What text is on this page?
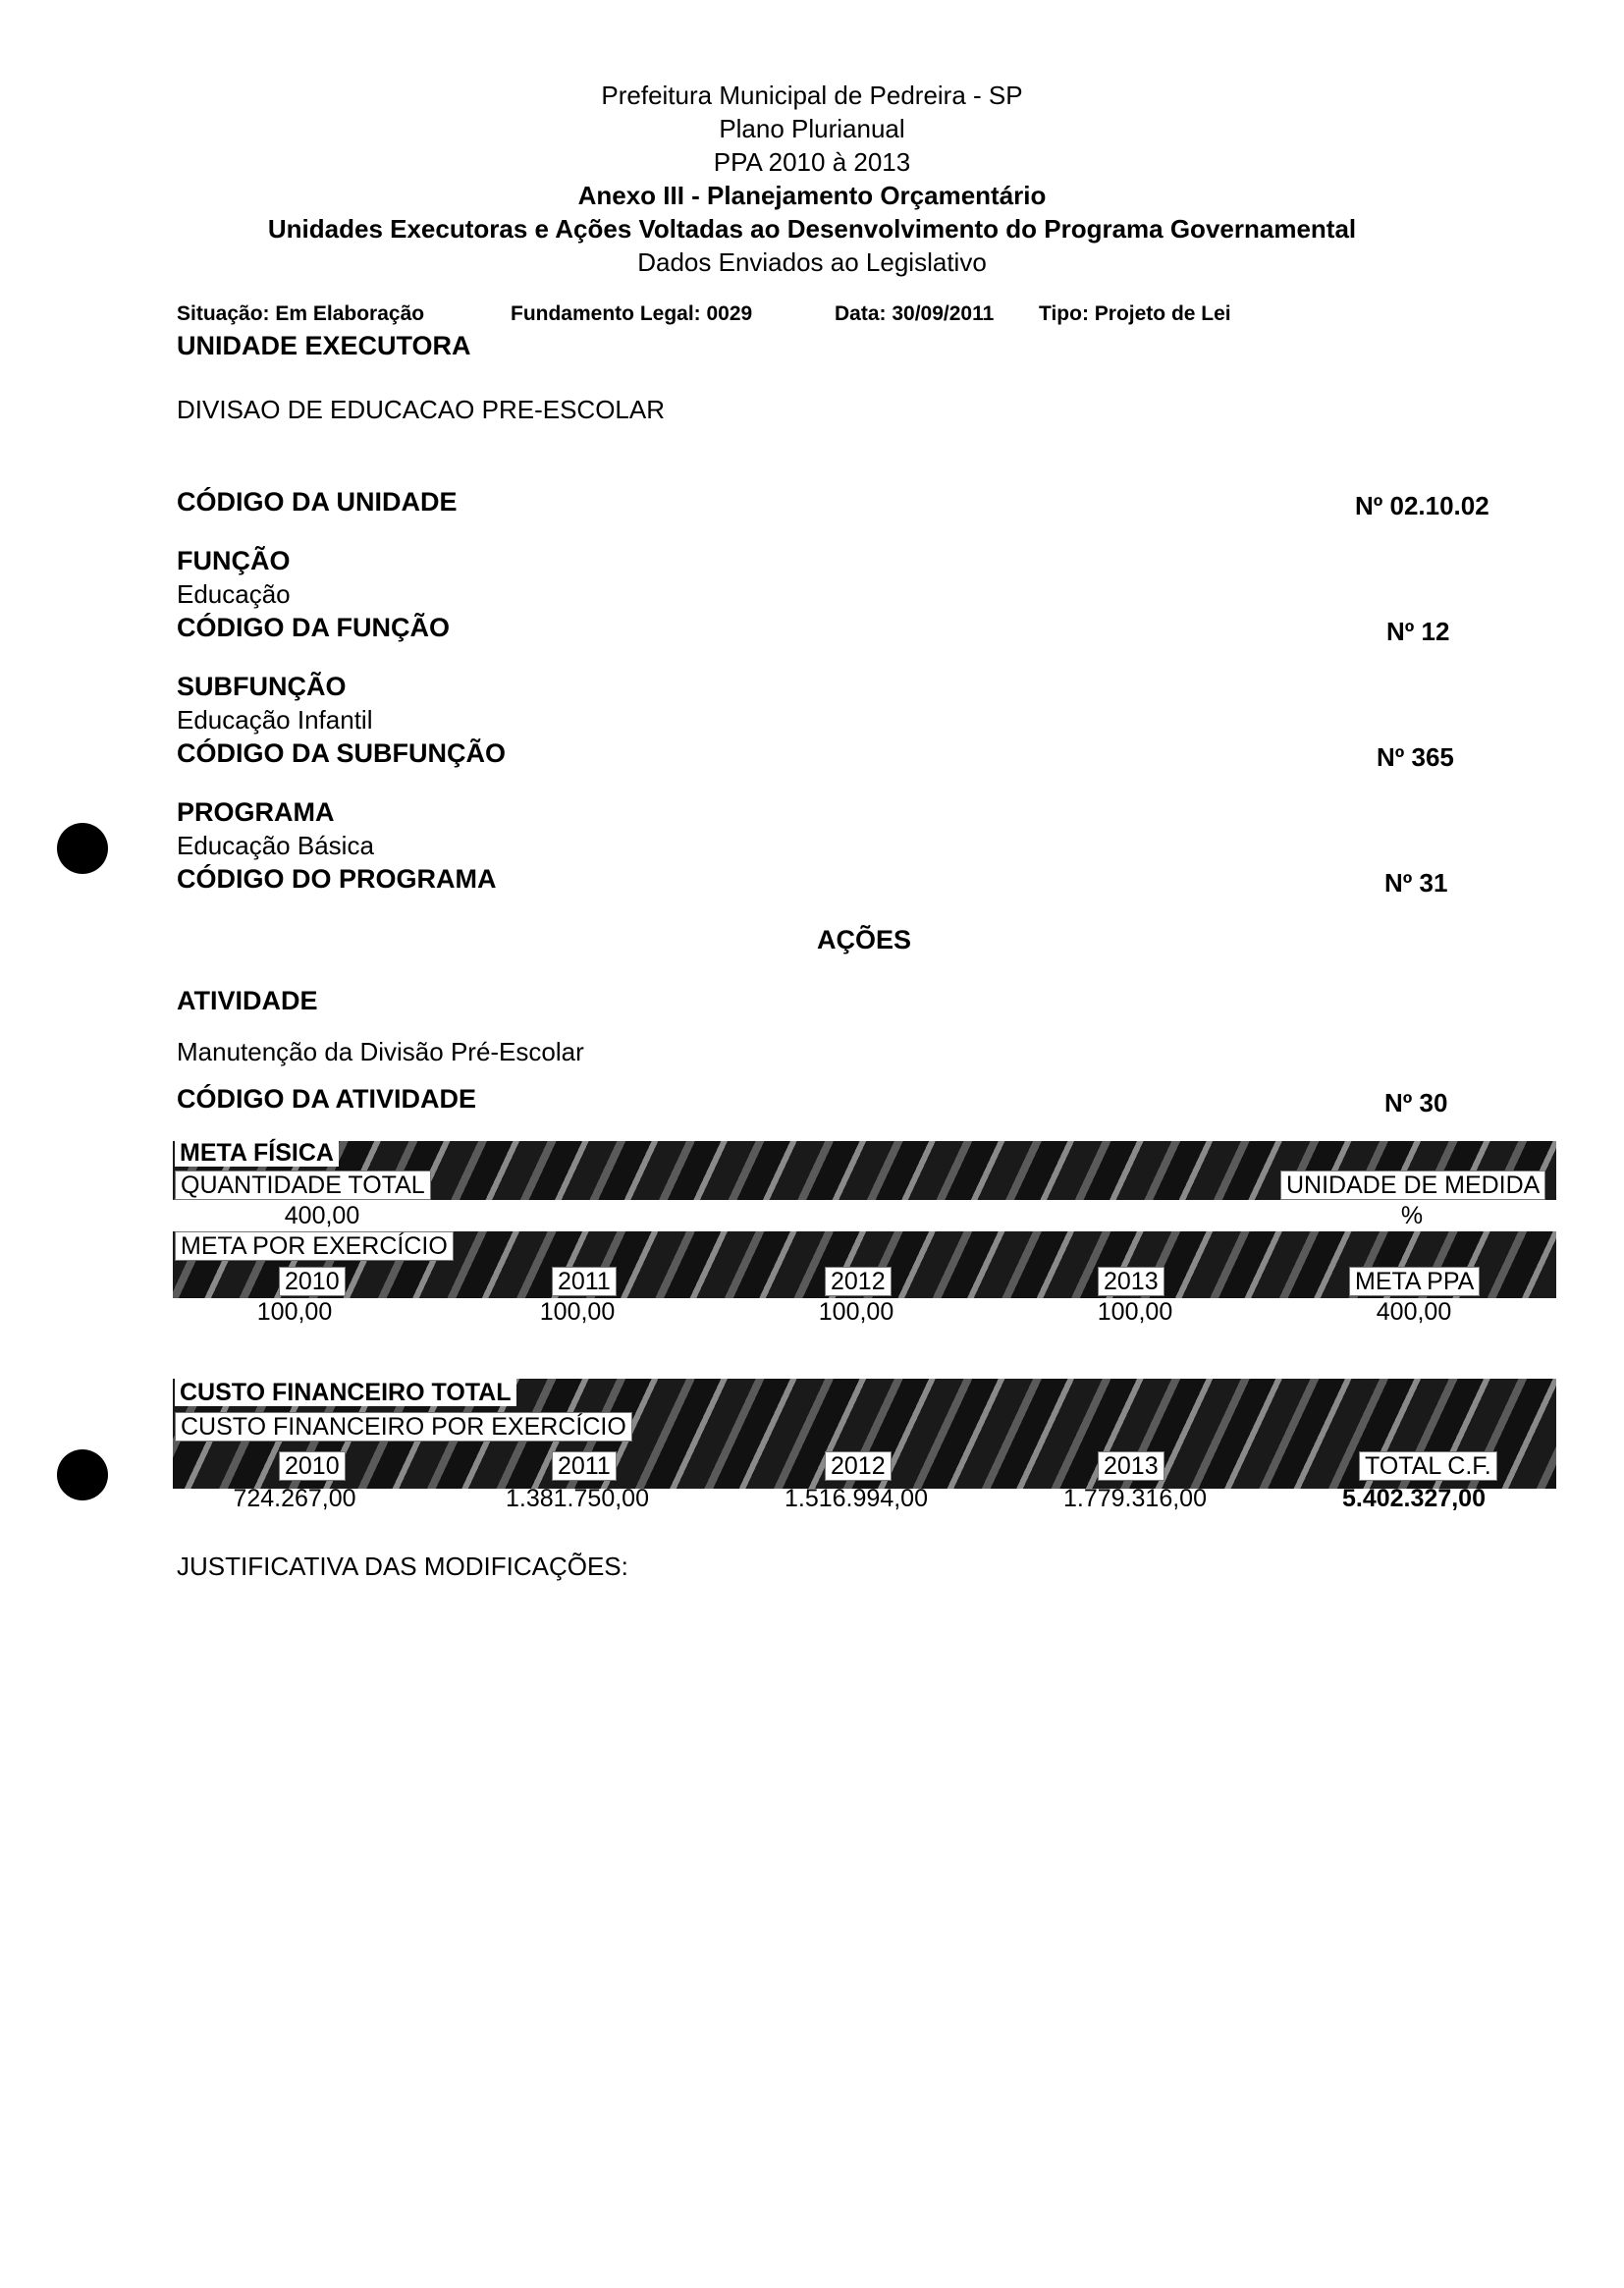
Prefeitura Municipal de Pedreira - SP
Plano Plurianual
PPA 2010 à 2013
Anexo III - Planejamento Orçamentário
Unidades Executoras e Ações Voltadas ao Desenvolvimento do Programa Governamental
Dados Enviados ao Legislativo
Situação: Em Elaboração	Fundamento Legal: 0029	Data: 30/09/2011 Tipo: Projeto de Lei
UNIDADE EXECUTORA
DIVISAO DE EDUCACAO PRE-ESCOLAR
CÓDIGO DA UNIDADE	Nº 02.10.02
FUNÇÃO
Educação
CÓDIGO DA FUNÇÃO	Nº 12
SUBFUNÇÃO
Educação Infantil
CÓDIGO DA SUBFUNÇÃO	Nº 365
PROGRAMA
Educação Básica
CÓDIGO DO PROGRAMA	Nº 31
AÇÕES
ATIVIDADE
Manutenção da Divisão Pré-Escolar
CÓDIGO DA ATIVIDADE	Nº 30
META FÍSICA
QUANTIDADE TOTAL	UNIDADE DE MEDIDA
400,00	%
META POR EXERCÍCIO
2010	2011	2012	2013	META PPA
100,00	100,00	100,00	100,00	400,00
CUSTO FINANCEIRO TOTAL
CUSTO FINANCEIRO POR EXERCÍCIO
2010	2011	2012	2013	TOTAL C.F.
724.267,00	1.381.750,00	1.516.994,00	1.779.316,00	5.402.327,00
JUSTIFICATIVA DAS MODIFICAÇÕES:
